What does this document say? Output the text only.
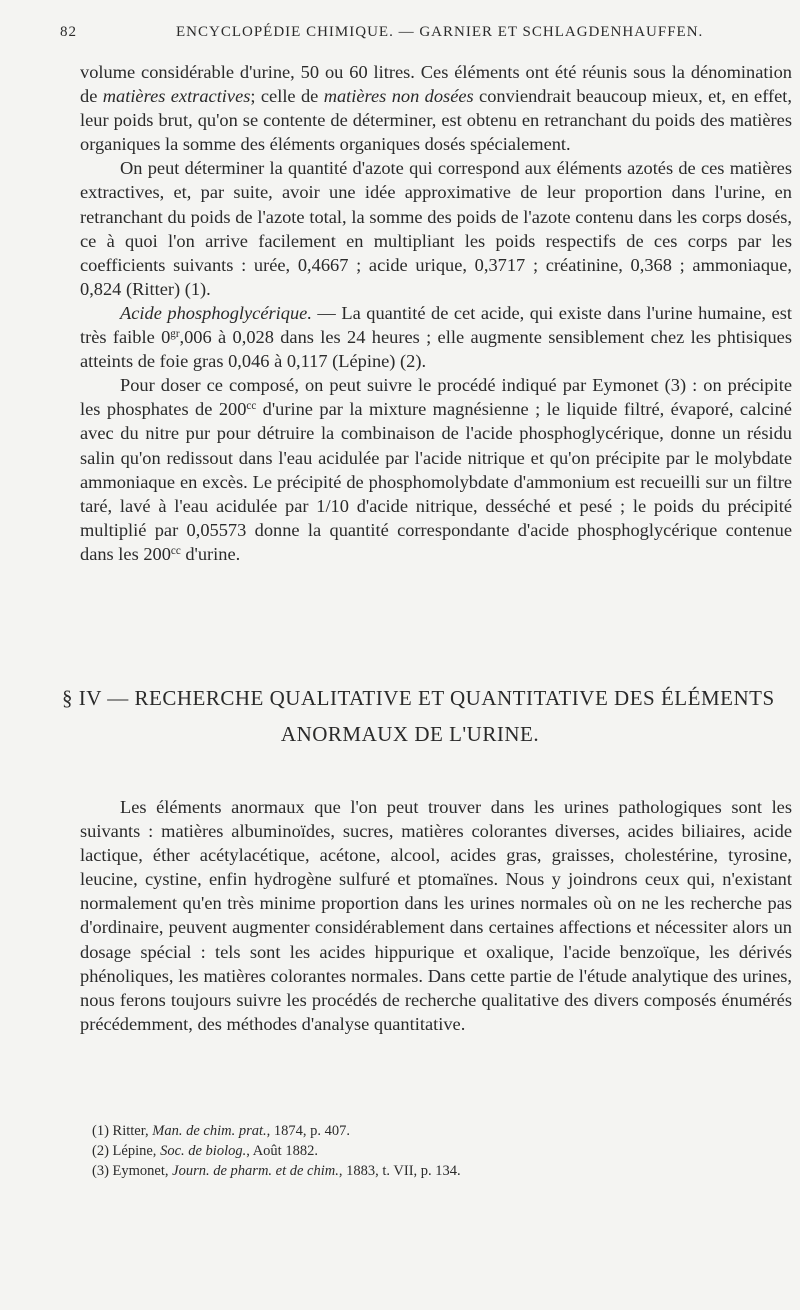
82	ENCYCLOPÉDIE CHIMIQUE. — GARNIER ET SCHLAGDENHAUFFEN.

volume considérable d'urine, 50 ou 60 litres. Ces éléments ont été réunis sous la dénomination de matières extractives; celle de matières non dosées conviendrait beaucoup mieux, et, en effet, leur poids brut, qu'on se contente de déterminer, est obtenu en retranchant du poids des matières organiques la somme des éléments organiques dosés spécialement.

On peut déterminer la quantité d'azote qui correspond aux éléments azotés de ces matières extractives, et, par suite, avoir une idée approximative de leur proportion dans l'urine, en retranchant du poids de l'azote total, la somme des poids de l'azote contenu dans les corps dosés, ce à quoi l'on arrive facilement en multipliant les poids respectifs de ces corps par les coefficients suivants : urée, 0,4667 ; acide urique, 0,3717 ; créatinine, 0,368 ; ammoniaque, 0,824 (Ritter) (1).

Acide phosphoglycérique. — La quantité de cet acide, qui existe dans l'urine humaine, est très faible $0^{gr},006$ à 0,028 dans les 24 heures ; elle augmente sensiblement chez les phtisiques atteints de foie gras 0,046 à 0,117 (Lépine) (2).

Pour doser ce composé, on peut suivre le procédé indiqué par Eymonet (3) : on précipite les phosphates de $200^{cc}$ d'urine par la mixture magnésienne ; le liquide filtré, évaporé, calciné avec du nitre pur pour détruire la combinaison de l'acide phosphoglycérique, donne un résidu salin qu'on redissout dans l'eau acidulée par l'acide nitrique et qu'on précipite par le molybdate ammoniaque en excès. Le précipité de phosphomolybdate d'ammonium est recueilli sur un filtre taré, lavé à l'eau acidulée par 1/10 d'acide nitrique, desséché et pesé ; le poids du précipité multiplié par 0,05573 donne la quantité correspondante d'acide phosphoglycérique contenue dans les $200^{cc}$ d'urine.

§ IV — RECHERCHE QUALITATIVE ET QUANTITATIVE DES ÉLÉMENTS
ANORMAUX DE L'URINE.

Les éléments anormaux que l'on peut trouver dans les urines pathologiques sont les suivants : matières albuminoïdes, sucres, matières colorantes diverses, acides biliaires, acide lactique, éther acétylacétique, acétone, alcool, acides gras, graisses, cholestérine, tyrosine, leucine, cystine, enfin hydrogène sulfuré et ptomaïnes. Nous y joindrons ceux qui, n'existant normalement qu'en très minime proportion dans les urines normales où on ne les recherche pas d'ordinaire, peuvent augmenter considérablement dans certaines affections et nécessiter alors un dosage spécial : tels sont les acides hippurique et oxalique, l'acide benzoïque, les dérivés phénoliques, les matières colorantes normales. Dans cette partie de l'étude analytique des urines, nous ferons toujours suivre les procédés de recherche qualitative des divers composés énumérés précédemment, des méthodes d'analyse quantitative.

(1) Ritter, Man. de chim. prat., 1874, p. 407.
(2) Lépine, Soc. de biolog., Août 1882.
(3) Eymonet, Journ. de pharm. et de chim., 1883, t. VII, p. 134.
